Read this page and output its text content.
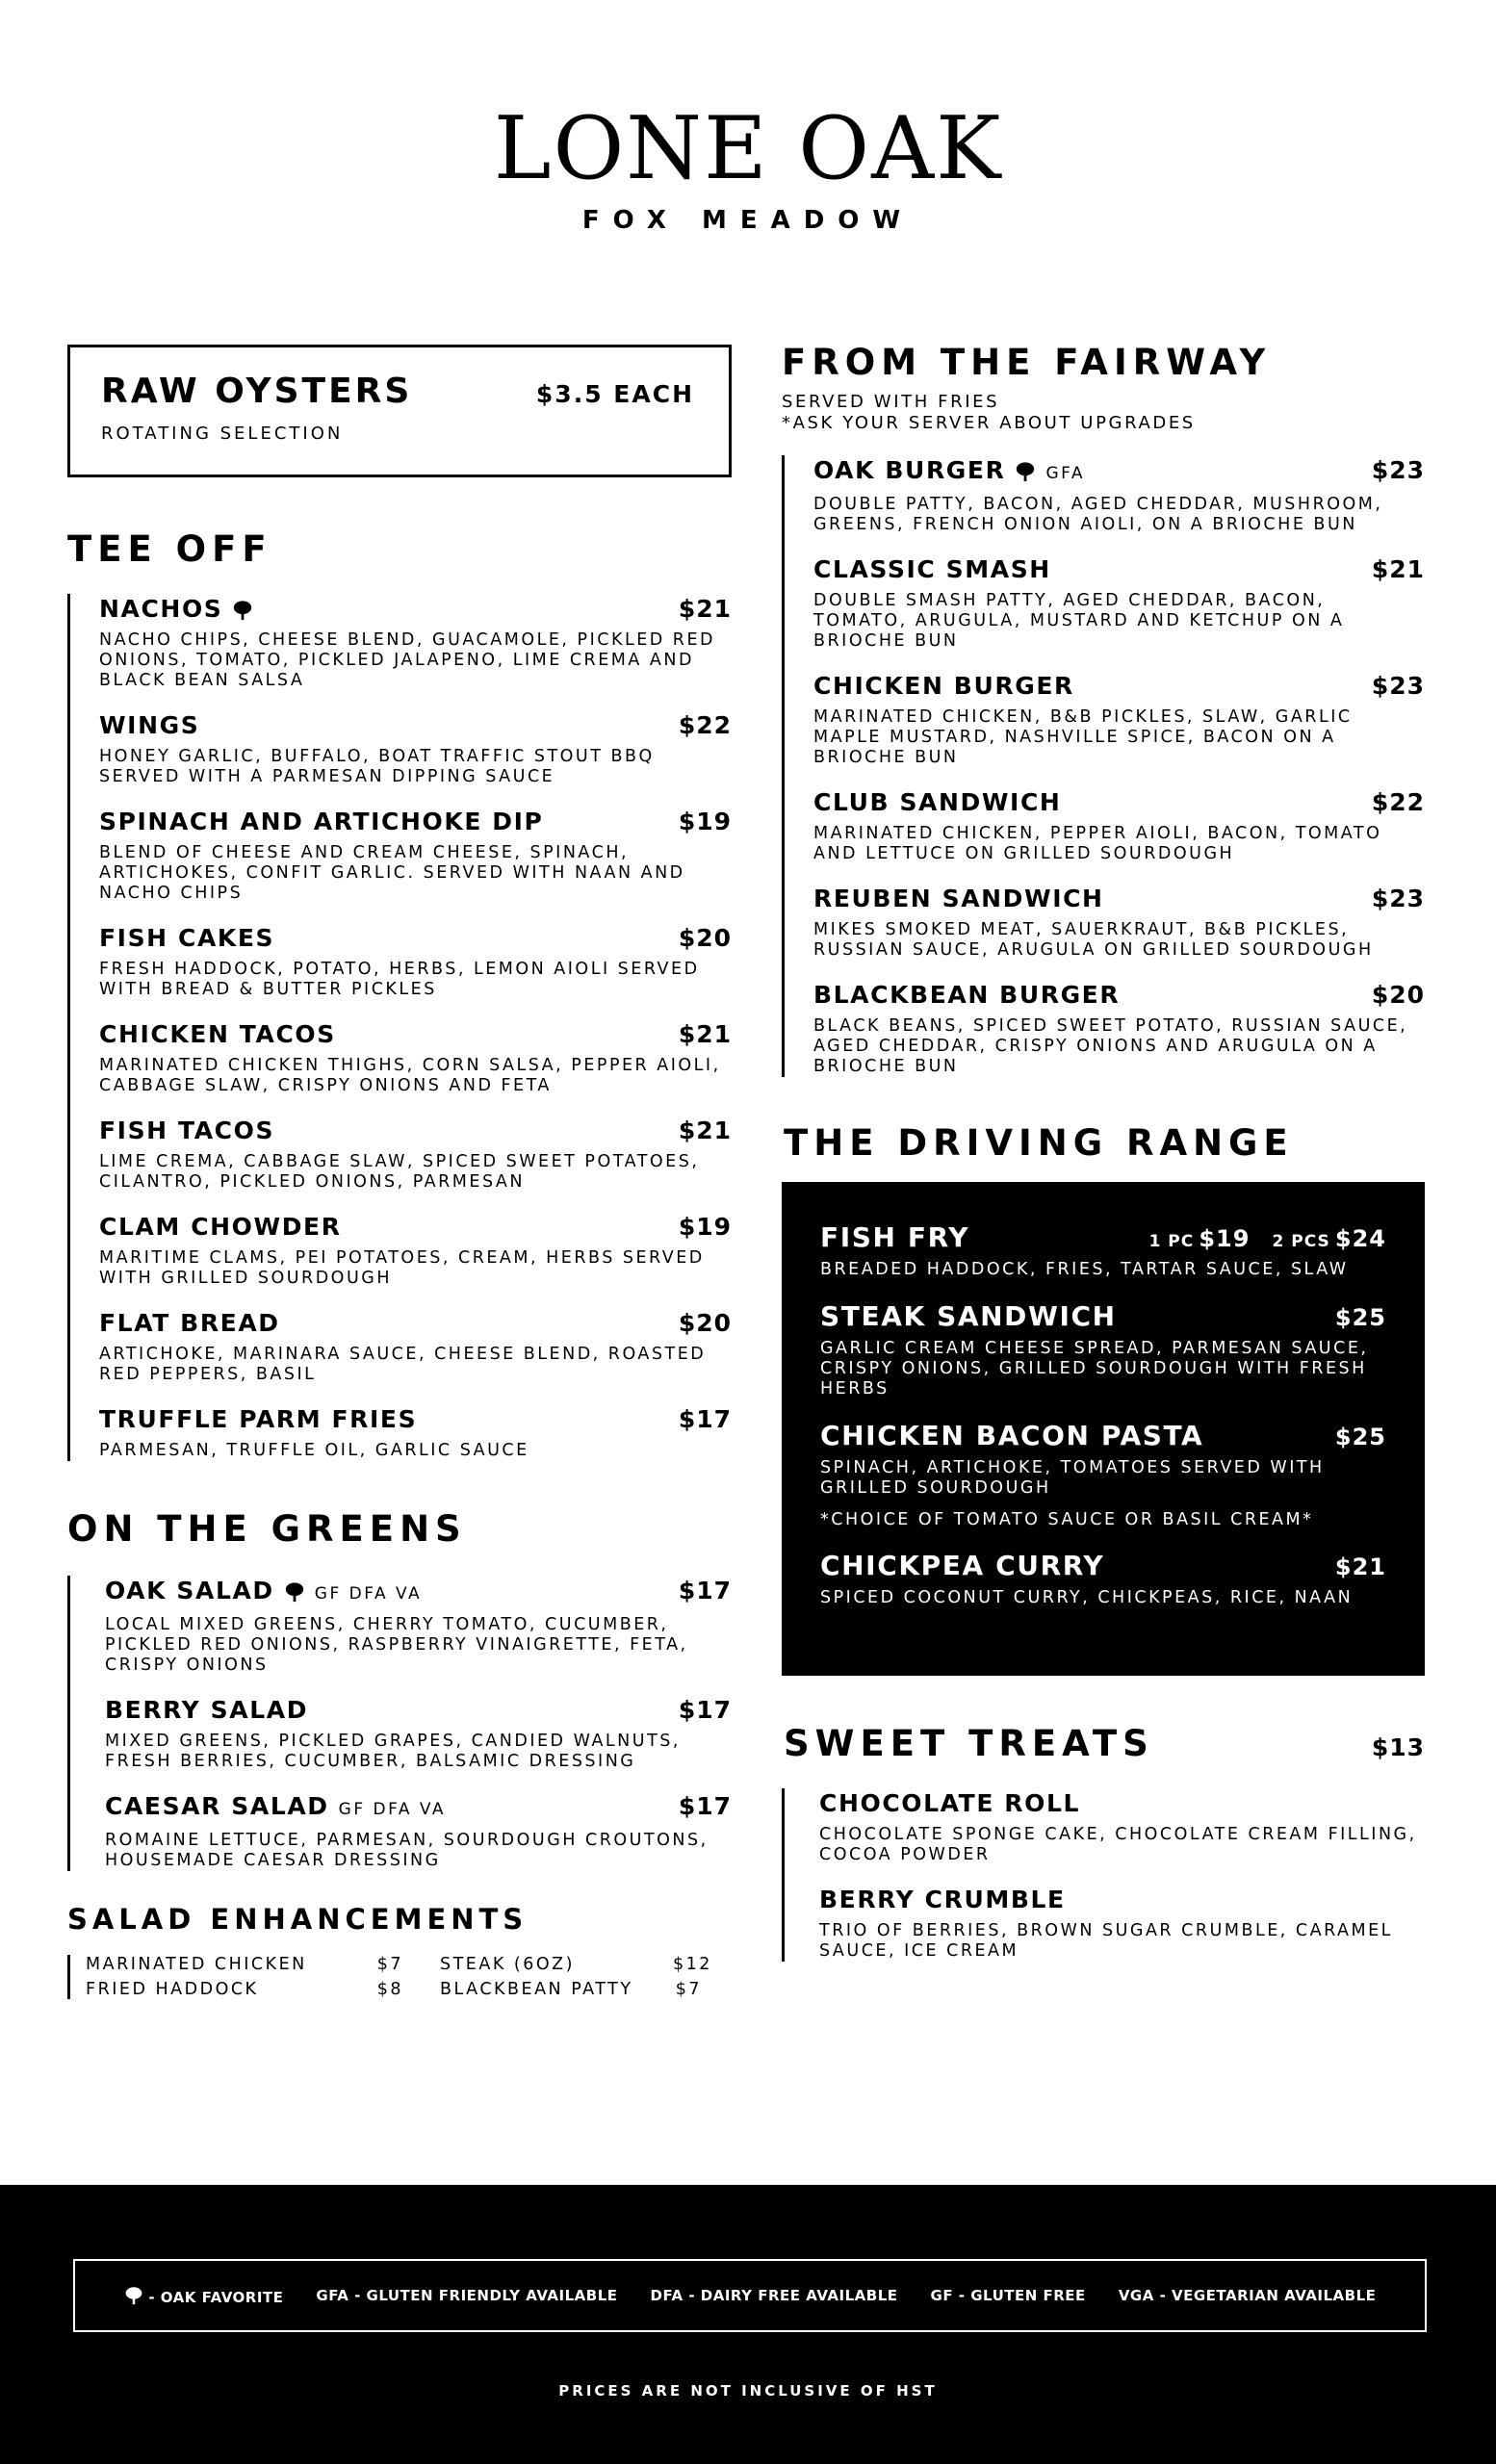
LONE OAK
FOX MEADOW
RAW OYSTERS	$3.5 EACH
ROTATING SELECTION
TEE OFF
NACHOS	$21
NACHO CHIPS, CHEESE BLEND, GUACAMOLE, PICKLED RED ONIONS, TOMATO, PICKLED JALAPENO, LIME CREMA AND BLACK BEAN SALSA
WINGS	$22
HONEY GARLIC, BUFFALO, BOAT TRAFFIC STOUT BBQ SERVED WITH A PARMESAN DIPPING SAUCE
SPINACH AND ARTICHOKE DIP	$19
BLEND OF CHEESE AND CREAM CHEESE, SPINACH, ARTICHOKES, CONFIT GARLIC. SERVED WITH NAAN AND NACHO CHIPS
FISH CAKES	$20
FRESH HADDOCK, POTATO, HERBS, LEMON AIOLI SERVED WITH BREAD & BUTTER PICKLES
CHICKEN TACOS	$21
MARINATED CHICKEN THIGHS, CORN SALSA, PEPPER AIOLI, CABBAGE SLAW, CRISPY ONIONS AND FETA
FISH TACOS	$21
LIME CREMA, CABBAGE SLAW, SPICED SWEET POTATOES, CILANTRO, PICKLED ONIONS, PARMESAN
CLAM CHOWDER	$19
MARITIME CLAMS, PEI POTATOES, CREAM, HERBS SERVED WITH GRILLED SOURDOUGH
FLAT BREAD	$20
ARTICHOKE, MARINARA SAUCE, CHEESE BLEND, ROASTED RED PEPPERS, BASIL
TRUFFLE PARM FRIES	$17
PARMESAN, TRUFFLE OIL, GARLIC SAUCE
ON THE GREENS
OAK SALAD GF DFA VA	$17
LOCAL MIXED GREENS, CHERRY TOMATO, CUCUMBER, PICKLED RED ONIONS, RASPBERRY VINAIGRETTE, FETA, CRISPY ONIONS
BERRY SALAD	$17
MIXED GREENS, PICKLED GRAPES, CANDIED WALNUTS, FRESH BERRIES, CUCUMBER, BALSAMIC DRESSING
CAESAR SALAD GF DFA VA	$17
ROMAINE LETTUCE, PARMESAN, SOURDOUGH CROUTONS, HOUSEMADE CAESAR DRESSING
SALAD ENHANCEMENTS
MARINATED CHICKEN	$7	STEAK (6OZ)	$12
FRIED HADDOCK	$8	BLACKBEAN PATTY	$7
FROM THE FAIRWAY
SERVED WITH FRIES
*ASK YOUR SERVER ABOUT UPGRADES
OAK BURGER GFA	$23
DOUBLE PATTY, BACON, AGED CHEDDAR, MUSHROOM, GREENS, FRENCH ONION AIOLI, ON A BRIOCHE BUN
CLASSIC SMASH	$21
DOUBLE SMASH PATTY, AGED CHEDDAR, BACON, TOMATO, ARUGULA, MUSTARD AND KETCHUP ON A BRIOCHE BUN
CHICKEN BURGER	$23
MARINATED CHICKEN, B&B PICKLES, SLAW, GARLIC MAPLE MUSTARD, NASHVILLE SPICE, BACON ON A BRIOCHE BUN
CLUB SANDWICH	$22
MARINATED CHICKEN, PEPPER AIOLI, BACON, TOMATO AND LETTUCE ON GRILLED SOURDOUGH
REUBEN SANDWICH	$23
MIKES SMOKED MEAT, SAUERKRAUT, B&B PICKLES, RUSSIAN SAUCE, ARUGULA ON GRILLED SOURDOUGH
BLACKBEAN BURGER	$20
BLACK BEANS, SPICED SWEET POTATO, RUSSIAN SAUCE, AGED CHEDDAR, CRISPY ONIONS AND ARUGULA ON A BRIOCHE BUN
THE DRIVING RANGE
FISH FRY	1 PC $19 2 PCS $24
BREADED HADDOCK, FRIES, TARTAR SAUCE, SLAW
STEAK SANDWICH	$25
GARLIC CREAM CHEESE SPREAD, PARMESAN SAUCE, CRISPY ONIONS, GRILLED SOURDOUGH WITH FRESH HERBS
CHICKEN BACON PASTA	$25
SPINACH, ARTICHOKE, TOMATOES SERVED WITH GRILLED SOURDOUGH
*CHOICE OF TOMATO SAUCE OR BASIL CREAM*
CHICKPEA CURRY	$21
SPICED COCONUT CURRY, CHICKPEAS, RICE, NAAN
SWEET TREATS	$13
CHOCOLATE ROLL
CHOCOLATE SPONGE CAKE, CHOCOLATE CREAM FILLING, COCOA POWDER
BERRY CRUMBLE
TRIO OF BERRIES, BROWN SUGAR CRUMBLE, CARAMEL SAUCE, ICE CREAM
- OAK FAVORITE GFA - GLUTEN FRIENDLY AVAILABLE DFA - DAIRY FREE AVAILABLE GF - GLUTEN FREE VGA - VEGETARIAN AVAILABLE
PRICES ARE NOT INCLUSIVE OF HST
